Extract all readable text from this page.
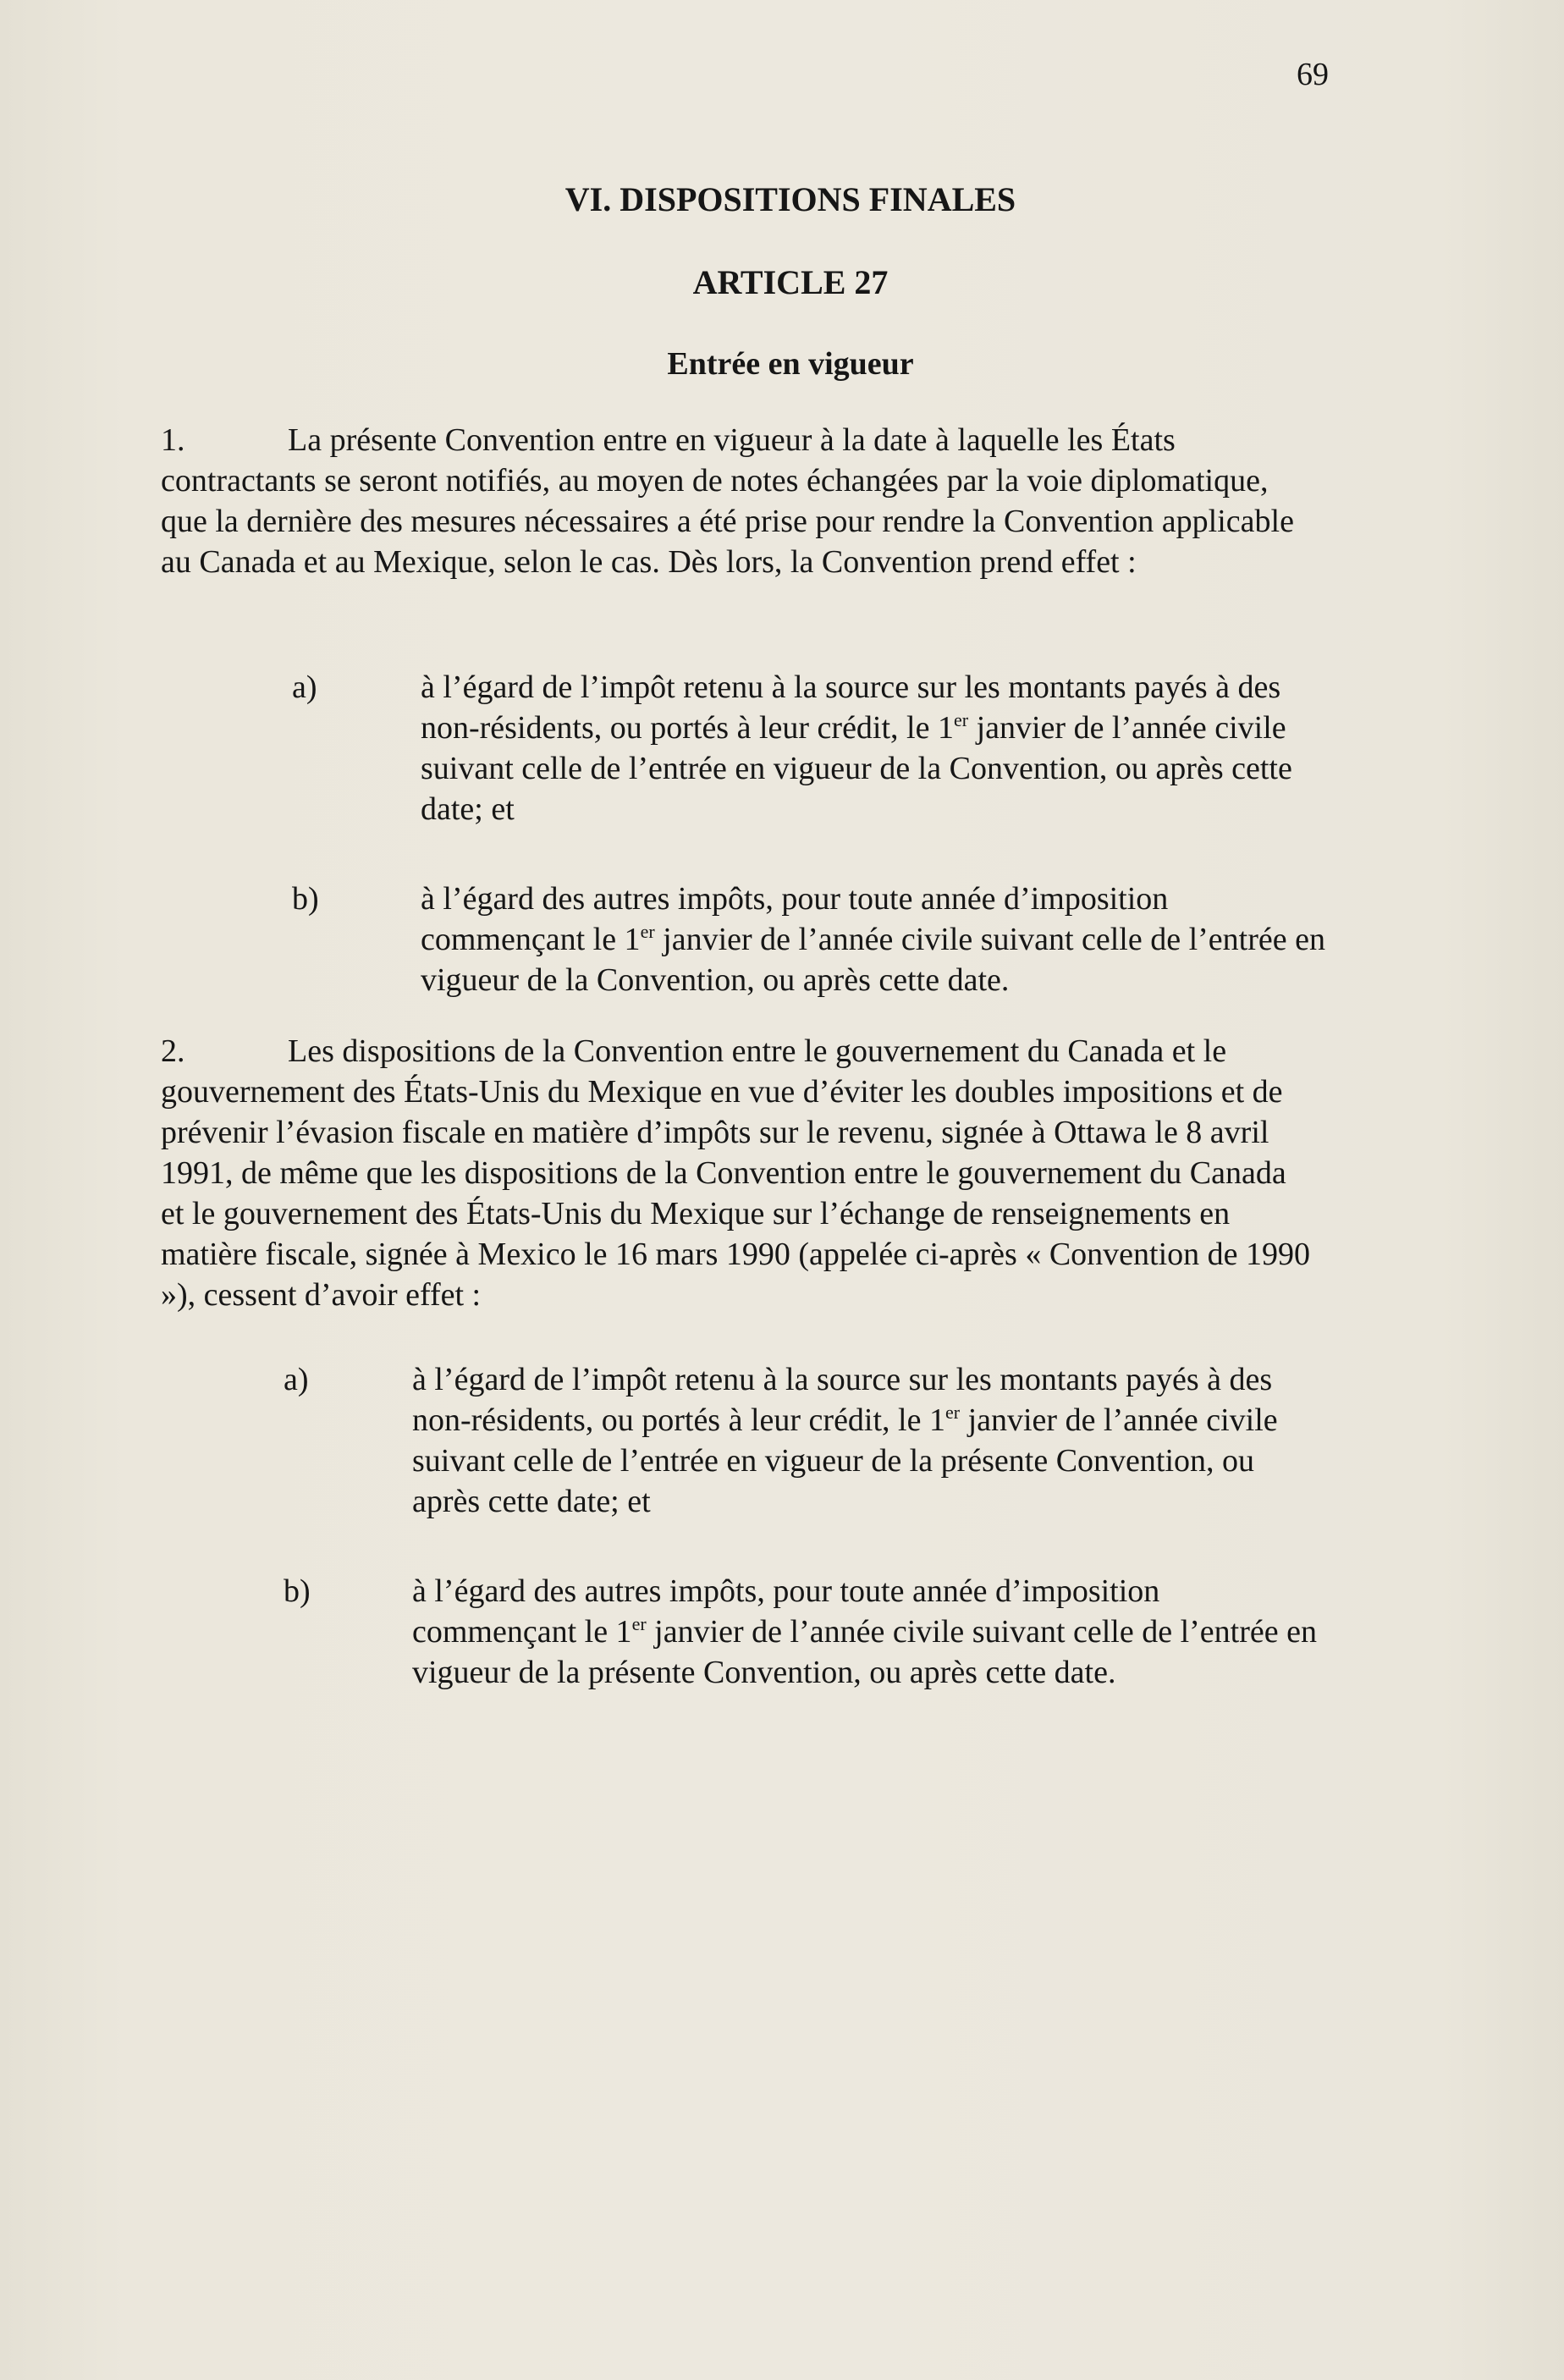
69
VI. DISPOSITIONS FINALES
ARTICLE 27
Entrée en vigueur
1.	La présente Convention entre en vigueur à la date à laquelle les États contractants se seront notifiés, au moyen de notes échangées par la voie diplomatique, que la dernière des mesures nécessaires a été prise pour rendre la Convention applicable au Canada et au Mexique, selon le cas. Dès lors, la Convention prend effet :
a)	à l’égard de l’impôt retenu à la source sur les montants payés à des non-résidents, ou portés à leur crédit, le 1er janvier de l’année civile suivant celle de l’entrée en vigueur de la Convention, ou après cette date; et
b)	à l’égard des autres impôts, pour toute année d’imposition commençant le 1er janvier de l’année civile suivant celle de l’entrée en vigueur de la Convention, ou après cette date.
2.	Les dispositions de la Convention entre le gouvernement du Canada et le gouvernement des États-Unis du Mexique en vue d’éviter les doubles impositions et de prévenir l’évasion fiscale en matière d’impôts sur le revenu, signée à Ottawa le 8 avril 1991, de même que les dispositions de la Convention entre le gouvernement du Canada et le gouvernement des États-Unis du Mexique sur l’échange de renseignements en matière fiscale, signée à Mexico le 16 mars 1990 (appelée ci-après « Convention de 1990 »), cessent d’avoir effet :
a)	à l’égard de l’impôt retenu à la source sur les montants payés à des non-résidents, ou portés à leur crédit, le 1er janvier de l’année civile suivant celle de l’entrée en vigueur de la présente Convention, ou après cette date; et
b)	à l’égard des autres impôts, pour toute année d’imposition commençant le 1er janvier de l’année civile suivant celle de l’entrée en vigueur de la présente Convention, ou après cette date.
